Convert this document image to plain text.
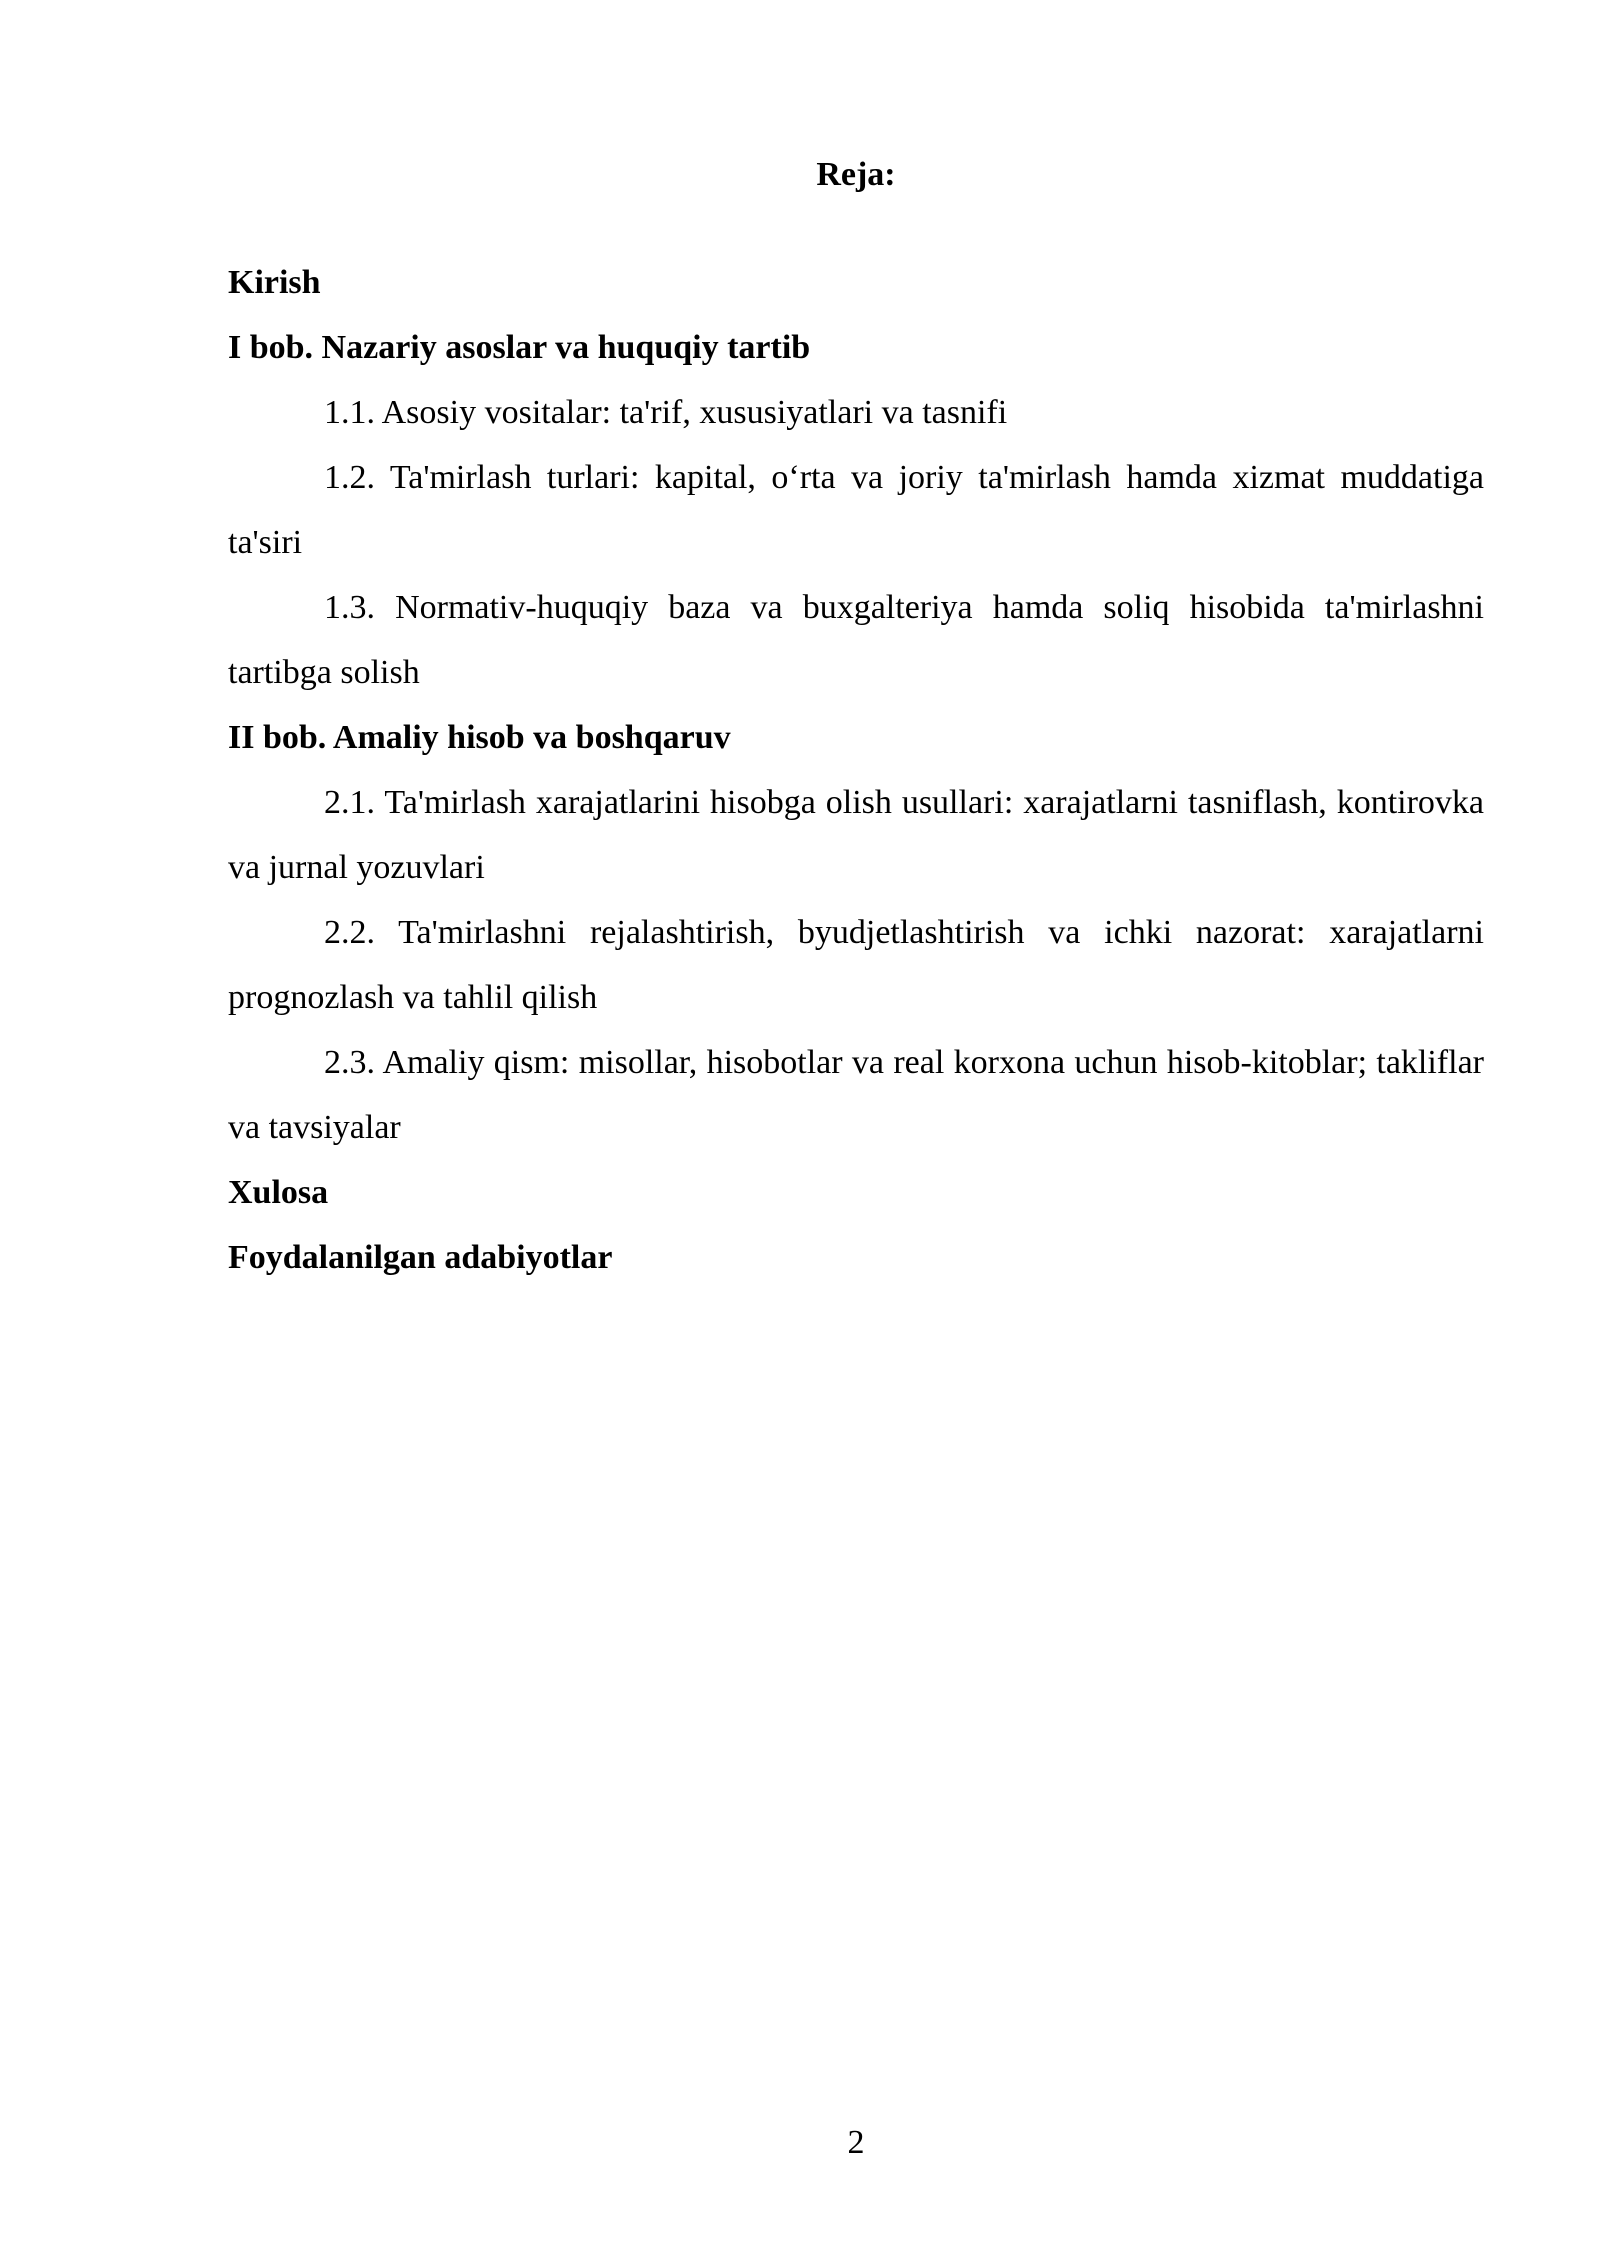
Reja:

Kirish

I bob. Nazariy asoslar va huquqiy tartib

1.1. Asosiy vositalar: ta'rif, xususiyatlari va tasnifi

1.2. Ta'mirlash turlari: kapital, o‘rta va joriy ta'mirlash hamda xizmat muddatiga ta'siri

1.3. Normativ-huquqiy baza va buxgalteriya hamda soliq hisobida ta'mirlashni tartibga solish

II bob. Amaliy hisob va boshqaruv

2.1. Ta'mirlash xarajatlarini hisobga olish usullari: xarajatlarni tasniflash, kontirovka va jurnal yozuvlari

2.2. Ta'mirlashni rejalashtirish, byudjetlashtirish va ichki nazorat: xarajatlarni prognozlash va tahlil qilish

2.3. Amaliy qism: misollar, hisobotlar va real korxona uchun hisob-kitoblar; takliflar va tavsiyalar

Xulosa

Foydalanilgan adabiyotlar

2
